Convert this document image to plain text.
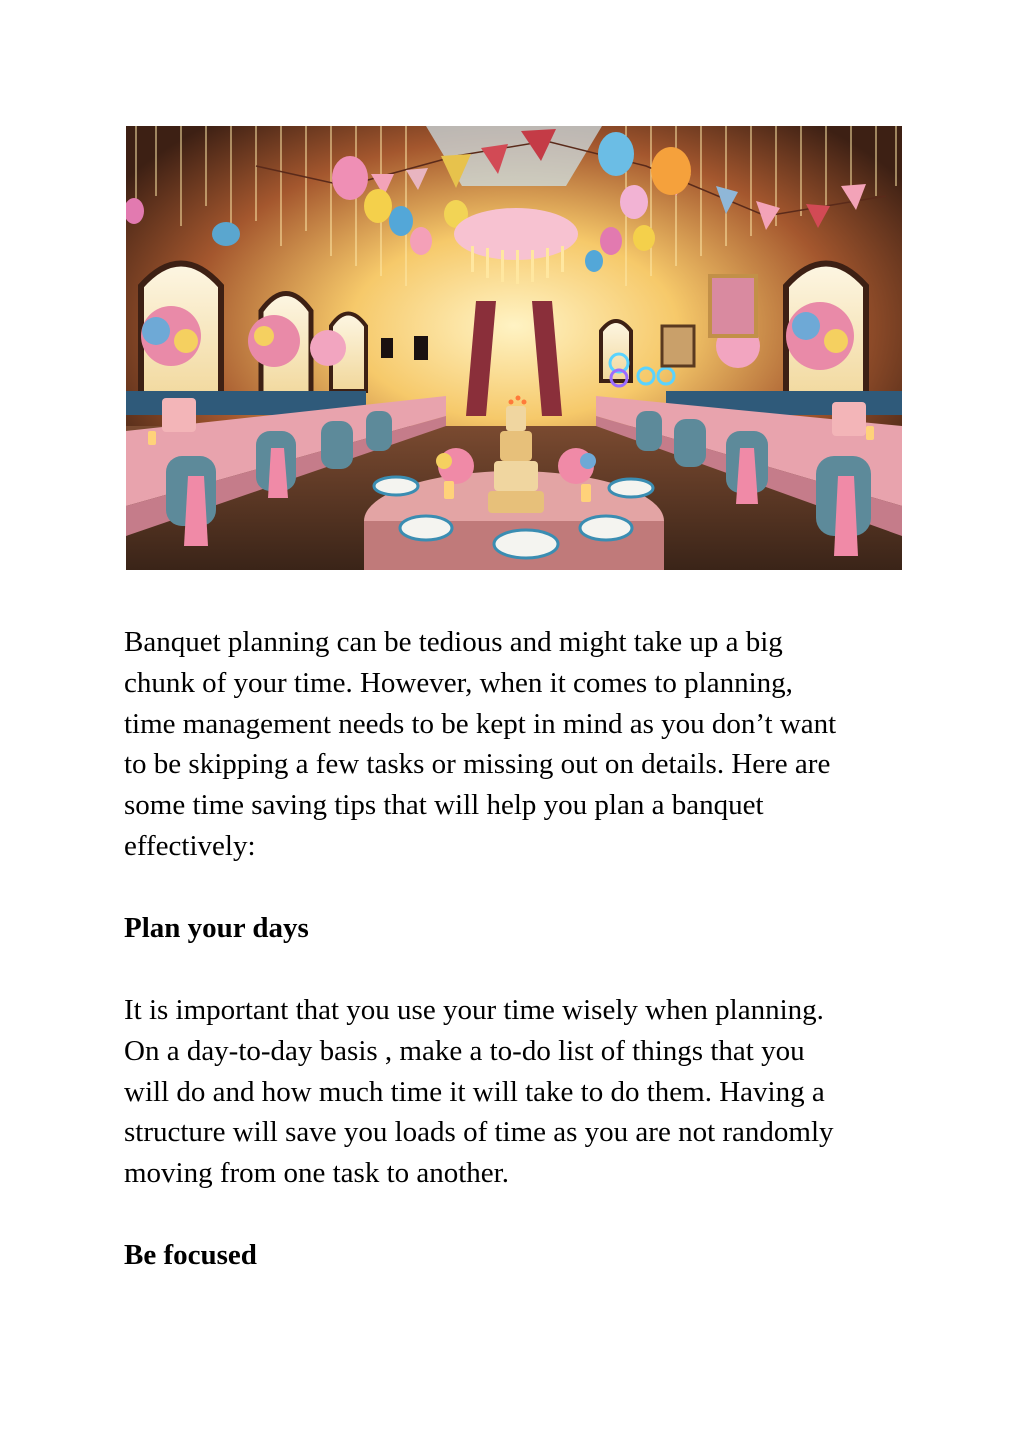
Banquet planning can be tedious and might take up a big
chunk of your time. However, when it comes to planning,
time management needs to be kept in mind as you don’t want
to be skipping a few tasks or missing out on details. Here are
some time saving tips that will help you plan a banquet
effectively:

Plan your days

It is important that you use your time wisely when planning.
On a day-to-day basis , make a to-do list of things that you
will do and how much time it will take to do them. Having a
structure will save you loads of time as you are not randomly
moving from one task to another.

Be focused
